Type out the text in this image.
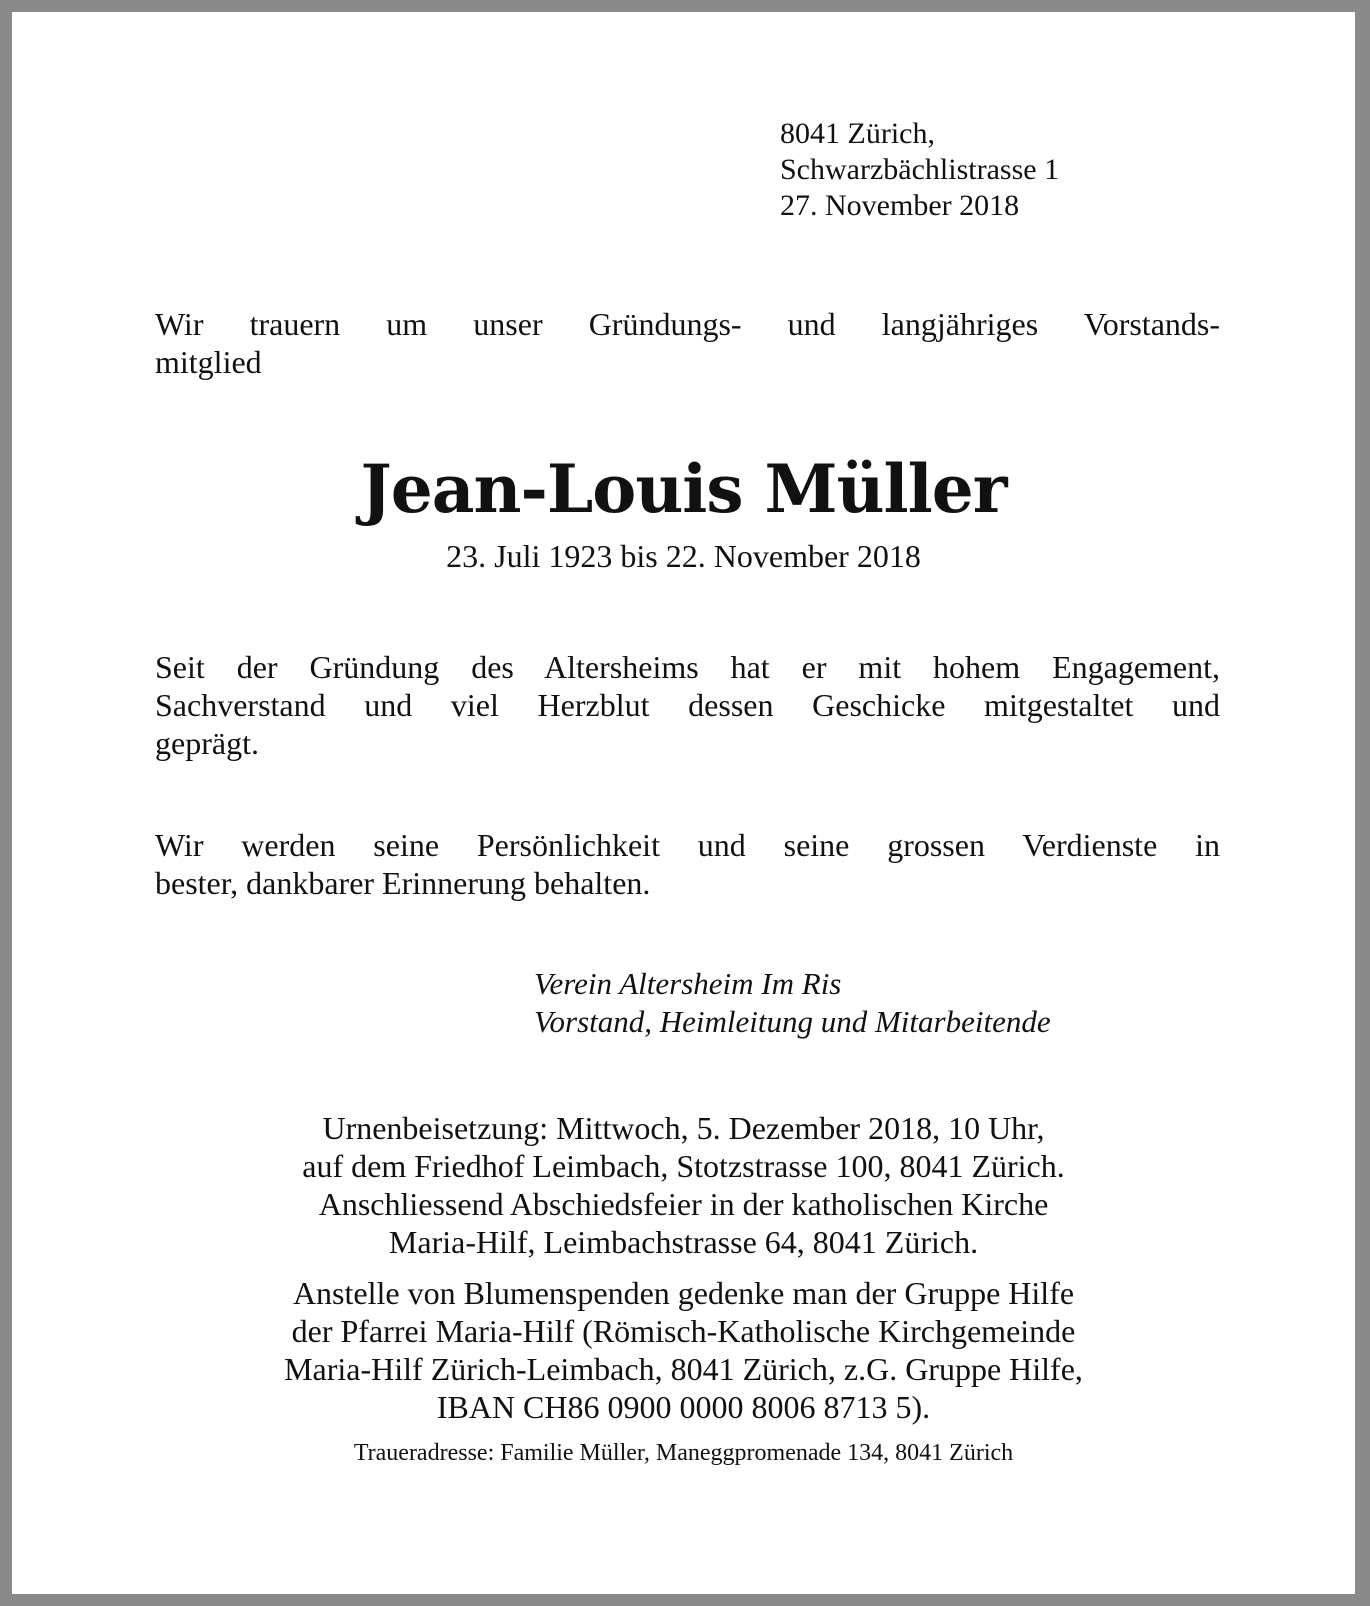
8041 Zürich,
Schwarzbächlistrasse 1
27. November 2018
Wir trauern um unser Gründungs- und langjähriges Vorstands-
mitglied
Jean-Louis Müller
23. Juli 1923 bis 22. November 2018
Seit der Gründung des Altersheims hat er mit hohem Engagement,
Sachverstand und viel Herzblut dessen Geschicke mitgestaltet und
geprägt.
Wir werden seine Persönlichkeit und seine grossen Verdienste in
bester, dankbarer Erinnerung behalten.
Verein Altersheim Im Ris
Vorstand, Heimleitung und Mitarbeitende
Urnenbeisetzung: Mittwoch, 5. Dezember 2018, 10 Uhr,
auf dem Friedhof Leimbach, Stotzstrasse 100, 8041 Zürich.
Anschliessend Abschiedsfeier in der katholischen Kirche
Maria-Hilf, Leimbachstrasse 64, 8041 Zürich.
Anstelle von Blumenspenden gedenke man der Gruppe Hilfe
der Pfarrei Maria-Hilf (Römisch-Katholische Kirchgemeinde
Maria-Hilf Zürich-Leimbach, 8041 Zürich, z.G. Gruppe Hilfe,
IBAN CH86 0900 0000 8006 8713 5).
Traueradresse: Familie Müller, Maneggpromenade 134, 8041 Zürich
